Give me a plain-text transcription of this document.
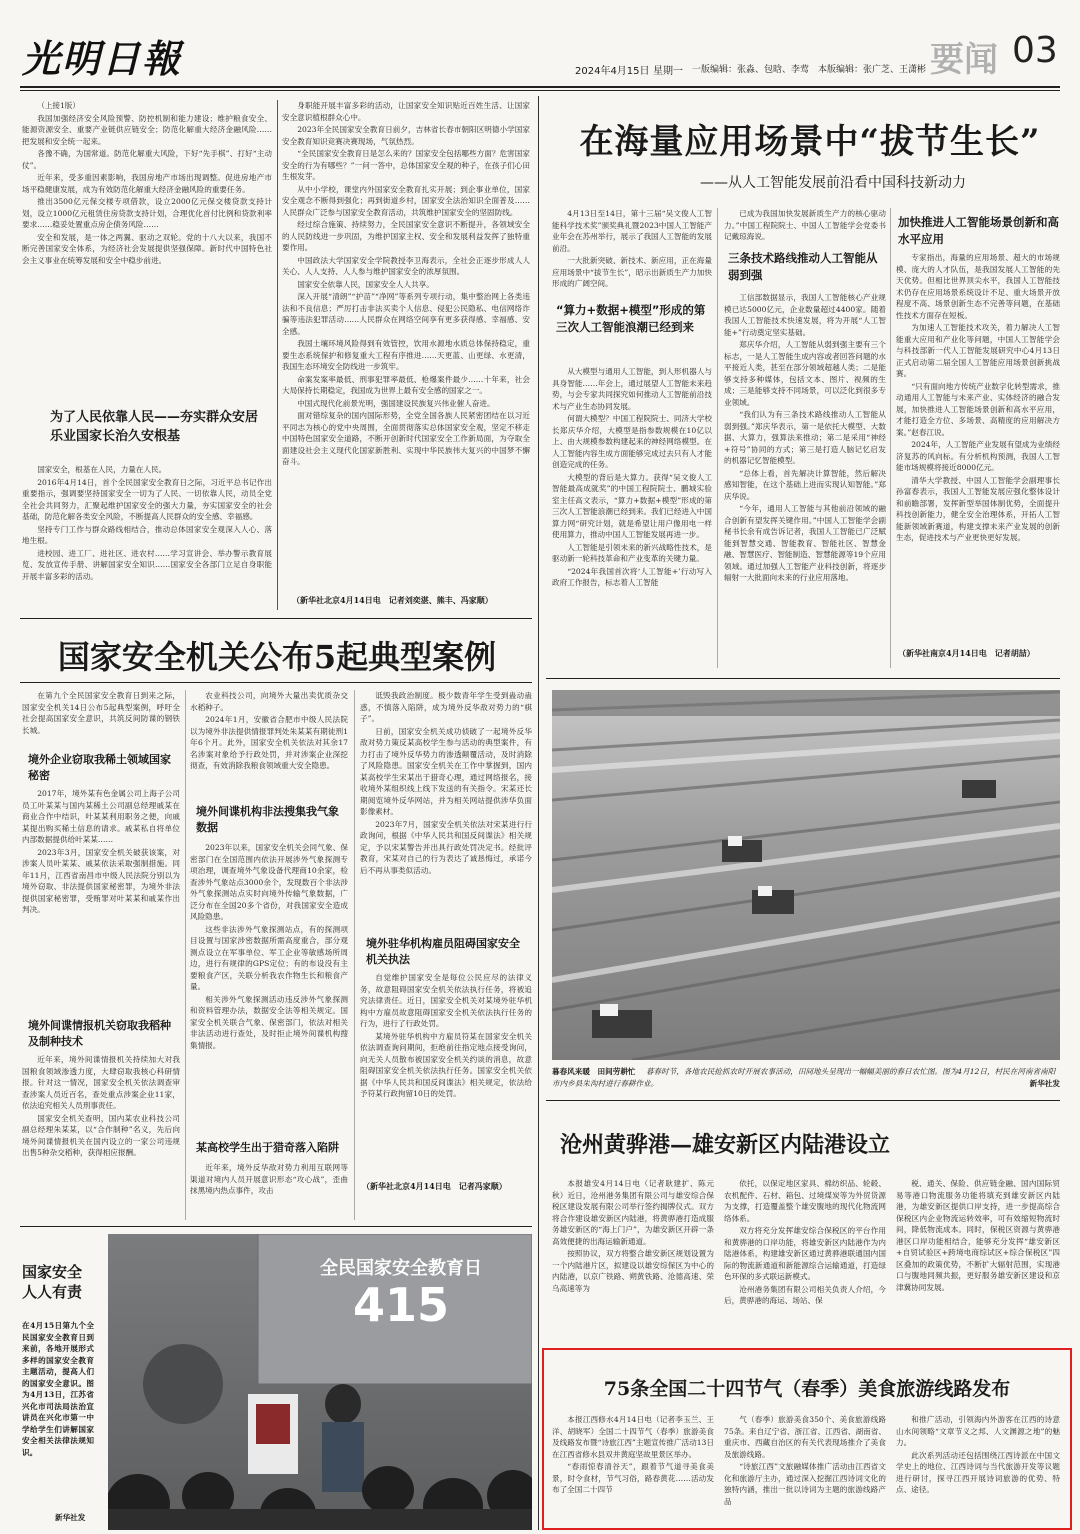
光明日報	2024年4月15日 星期一 一版编辑：张淼、包晗、李莺　本版编辑：张广芝、王潇彬 要闻 03

（上接1版）

我国加强经济安全风险预警、防控机制和能力建设；维护粮食安全、能源资源安全、重要产业链供应链安全；防范化解重大经济金融风险……把发展和安全统一起来。

各豫不确，为国常道。防范化解重大风险，下好“先手棋”、打好“主动仗”。

近年来，受多重因素影响，我国房地产市场出现调整。促进房地产市场平稳健康发展，成为有效防范化解重大经济金融风险的重要任务。

推出3500亿元保交楼专项借款，设立2000亿元保交楼贷款支持计划，设立1000亿元租赁住房贷款支持计划，合理优化首付比例和贷款利率要求……稳妥处置重点房企债务风险……

安全和发展，是一体之两翼、驱动之双轮。党的十八大以来，我国不断完善国家安全体系，为经济社会发展提供坚强保障。新时代中国特色社会主义事业在统筹发展和安全中稳步前进。

为了人民依靠人民——夯实群众安居乐业国家长治久安根基

国家安全，根基在人民，力量在人民。

2016年4月14日，首个全民国家安全教育日之际，习近平总书记作出重要指示，强调要坚持国家安全一切为了人民、一切依靠人民，动员全党全社会共同努力，汇聚起维护国家安全的强大力量，夯实国家安全的社会基础，防范化解各类安全风险，不断提高人民群众的安全感、幸福感。

坚持专门工作与群众路线相结合，推动总体国家安全观深入人心、落地生根。

进校园、进工厂、进社区、进农村……学习宣讲会、举办警示教育展览、发放宣传手册、讲解国家安全知识……国家安全各部门立足自身职能开展丰富多彩的活动。

身职能开展丰富多彩的活动，让国家安全知识贴近百姓生活、让国家安全意识植根群众心中。

2023年全民国家安全教育日前夕，吉林省长春市朝阳区明德小学国家安全教育知识竞赛决赛现场，气氛热烈。

“全民国家安全教育日是怎么来的？国家安全包括哪些方面？危害国家安全的行为有哪些？”一问一答中，总体国家安全观的种子，在孩子们心田生根发芽。

从中小学校，课堂内外国家安全教育扎实开展；到企事业单位，国家安全观念不断得到强化；再到街道乡村，国家安全法治知识全面普及……人民群众广泛参与国家安全教育活动，共筑维护国家安全的坚固防线。

经过综合施策、持续努力，全民国家安全意识不断提升，各领域安全的人民防线进一步巩固，为维护国家主权、安全和发展利益发挥了独特重要作用。

中国政法大学国家安全学院教授李卫海表示，全社会正逐步形成人人关心、人人支持、人人参与维护国家安全的浓厚氛围。

国家安全依靠人民，国家安全人人共享。

深入开展“清朗”“护苗”“净网”等系列专项行动，集中整治网上各类违法和不良信息；严厉打击非法买卖个人信息、侵犯公民隐私、电信网络诈骗等违法犯罪活动……人民群众在网络空间享有更多获得感、幸福感、安全感。

我国土壤环境风险得到有效管控，饮用水源地水质总体保持稳定，重要生态系统保护和修复重大工程有序推进……天更蓝、山更绿、水更清，我国生态环境安全防线进一步筑牢。

命案发案率最低、刑事犯罪率最低、枪爆案件最少……十年来，社会大局保持长期稳定，我国成为世界上最有安全感的国家之一。

中国式现代化前景光明，强国建设民族复兴伟业催人奋进。

面对错综复杂的国内国际形势，全党全国各族人民紧密团结在以习近平同志为核心的党中央周围，全面贯彻落实总体国家安全观，坚定不移走中国特色国家安全道路，不断开创新时代国家安全工作新局面，为夺取全面建设社会主义现代化国家新胜利、实现中华民族伟大复兴的中国梦不懈奋斗。

（新华社北京4月14日电　记者刘奕湛、熊丰、冯家顺）
在海量应用场景中“拔节生长”
——从人工智能发展前沿看中国科技新动力

4月13日至14日，第十三届“吴文俊人工智能科学技术奖”颁奖典礼暨2023中国人工智能产业年会在苏州举行，展示了我国人工智能的发展前沿。

一大批新突破、新技术、新应用，正在海量应用场景中“拔节生长”，昭示出新质生产力加快形成的广阔空间。

“算力+数据+模型”形成的第三次人工智能浪潮已经到来

从大模型与通用人工智能，到人形机器人与具身智能……年会上，通过展望人工智能未来趋势，与会专家共同探究如何推动人工智能前沿技术与产业生态协同发展。

何谓大模型？中国工程院院士、同济大学校长郑庆华介绍，大模型是指参数规模在10亿以上、由大规模参数构建起来的神经网络模型。在人工智能内容生成方面能够完成过去只有人才能创造完成的任务。

大模型的背后是大算力。获得“吴文俊人工智能最高成就奖”的中国工程院院士、鹏城实验室主任高文表示，“算力+数据+模型”形成的第三次人工智能浪潮已经到来。我们已经进入中国算力网“研究计划，就是希望让用户像用电一样使用算力，推动中国人工智能发展再进一步。

人工智能是引领未来的新兴战略性技术，是驱动新一轮科技革命和产业变革的关键力量。

“2024年我国首次将‘人工智能+’行动写入政府工作报告，标志着人工智能

已成为我国加快发展新质生产力的核心驱动力。”中国工程院院士、中国人工智能学会党委书记戴琼海说。

三条技术路线推动人工智能从弱到强

工信部数据显示，我国人工智能核心产业规模已达5000亿元，企业数量超过4400家。随着我国人工智能技术快速发展，将为开展“人工智能+”行动奠定坚实基础。

郑庆华介绍，人工智能从弱到强主要有三个标志，一是人工智能生成内容或者回答问题的水平接近人类，甚至在部分领域超越人类；二是能够支持多种媒体，包括文本、图片、视频的生成；三是能够支持不同场景，可以泛化到很多专业领域。

“我们认为有三条技术路线推动人工智能从弱到强。”郑庆华表示，第一是依托大模型、大数据、大算力，强算法来推动；第二是采用“神经+符号”协同的方式；第三是打造人脑记忆启发的机器记忆智能模型。

“总体上看，首先解决计算智能，然后解决感知智能，在这个基础上进而实现认知智能。”郑庆华说。

“今年，通用人工智能与其他前沿领域的融合创新有望发挥关键作用。”中国人工智能学会副秘书长余有成告诉记者，我国人工智能已广泛赋能到智慧交通、智能教育、智能社区、智慧金融、智慧医疗、智能制造、智慧能源等19个应用领域。通过加强人工智能产业科技创新，将逐步辐射一大批面向未来的行业应用落地。

加快推进人工智能场景创新和高水平应用

专家指出，海量的应用场景、超大的市场规模、庞大的人才队伍，是我国发展人工智能的先天优势。但相比世界顶尖水平，我国人工智能技术仍存在应用场景系统设计不足、重大场景开放程度不高、场景创新生态不完善等问题，在基础性技术方面存在短板。

为加速人工智能技术攻关，着力解决人工智能重大应用和产业化等问题，中国人工智能学会与科技部新一代人工智能发展研究中心4月13日正式启动第二届全国人工智能应用场景创新挑战赛。

“只有面向地方传统产业数字化转型需求，推动通用人工智能与未来产业、实体经济的融合发展，加快推进人工智能场景创新和高水平应用，才能打造全方位、多场景、高精度的应用解决方案。”赵春江说。

2024年，人工智能产业发展有望成为业绩经济复苏的风向标。有分析机构预测，我国人工智能市场规模将接近8000亿元。

清华大学教授、中国人工智能学会副理事长孙富春表示，我国人工智能发展应强化整体设计和前瞻部署，发挥新型举国体制优势，全面提升科技创新能力，健全安全治理体系，开拓人工智能新领域新赛道，构建支撑未来产业发展的创新生态，促进技术与产业更快更好发展。

（新华社南京4月14日电　记者胡喆）
国家安全机关公布5起典型案例

在第九个全民国家安全教育日到来之际，国家安全机关14日公布5起典型案例，呼吁全社会提高国家安全意识，共筑反间防谍的钢铁长城。

境外企业窃取我稀土领域国家秘密

2017年，境外某有色金属公司上海子公司员工叶某某与国内某稀土公司副总经理戚某在商业合作中结识，叶某某利用职务之便，向戚某提出购买稀土信息的请求。戚某私自将单位内部数据提供给叶某某……

2023年3月，国家安全机关破获该案，对涉案人员叶某某、戚某依法采取强制措施。同年11月，江西省南昌市中级人民法院分别以为境外窃取、非法提供国家秘密罪，为境外非法提供国家秘密罪，受贿罪对叶某某和戚某作出判决。

境外间谍情报机关窃取我稻种及制种技术

近年来，境外间谍情报机关持续加大对我国粮食领域渗透力度，大肆窃取我核心科研情报。针对这一情况，国家安全机关依法调查审查涉案人员近百名，查处重点涉案企业11家，依法追究相关人员刑事责任。

国家安全机关查明，国内某农业科技公司副总经理朱某某，以“合作制种”名义，先后向境外间谍情报机关在国内设立的一家公司违规出售5种杂交稻种，获得相应报酬。

农业科技公司，向境外大量出卖优质杂交水稻种子。

2024年1月，安徽省合肥市中级人民法院以为境外非法提供情报罪判处朱某某有期徒刑1年6个月。此外，国家安全机关依法对其余17名涉案对象给予行政处罚，并对涉案企业深挖彻查，有效消除我粮食领域重大安全隐患。

境外间谍机构非法搜集我气象数据

2023年以来，国家安全机关会同气象、保密部门在全国范围内依法开展涉外气象探测专项治理，调查境外气象设备代理商10余家，检查涉外气象站点3000余个，发现数百个非法涉外气象探测站点实时向境外传输气象数据，广泛分布在全国20多个省份，对我国家安全造成风险隐患。

这些非法涉外气象探测站点，有的探测项目设置与国家涉密数据所需高度重合，部分观测点设立在军事单位、军工企业等敏感场所周边，进行有规律的GPS定位；有的布设没有主要粮食产区，关联分析我农作物生长和粮食产量。

相关涉外气象探测活动违反涉外气象探测和资料管理办法，数据安全法等相关规定。国家安全机关联合气象、保密部门，依法对相关非法活动进行查处，及时拒止境外间谍机构搜集情报。

某高校学生出于猎奇落入陷阱

近年来，境外反华敌对势力利用互联网等渠道对境内人员开展意识形态“攻心战”，歪曲抹黑境内热点事件，攻击

诋毁我政治制度。极少数青年学生受到蛊动蛊惑，不慎落入陷阱，成为境外反华敌对势力的“棋子”。

日前，国家安全机关成功侦破了一起境外反华敌对势力策反某高校学生参与活动的典型案件，有力打击了境外反华势力的渗透颠覆活动，及时消除了风险隐患。国家安全机关在工作中掌握到，国内某高校学生宋某出于猎奇心理，通过网络报名，接收境外某组织线上线下发送的有关指令。宋某还长期阅览境外反华网站，并为相关网站提供涉华负面影像素材。

2023年7月，国家安全机关依法对宋某进行行政询问，根据《中华人民共和国反间谍法》相关规定，予以宋某警告并出具行政处罚决定书。经批评教育，宋某对自己的行为表达了诚恳悔过，承诺今后不再从事类似活动。

境外驻华机构雇员阻碍国家安全机关执法

自觉维护国家安全是每位公民应尽的法律义务，故意阻碍国家安全机关依法执行任务，将被追究法律责任。近日，国家安全机关对某境外驻华机构中方雇员故意阻碍国家安全机关依法执行任务的行为，进行了行政处罚。

某境外驻华机构中方雇员符某在国家安全机关依法调查询问期间，拒绝前往指定地点接受询问，向无关人员散布被国家安全机关约谈的消息，故意阻碍国家安全机关依法执行任务。国家安全机关依据《中华人民共和国反间谍法》相关规定，依法给予符某行政拘留10日的处罚。

（新华社北京4月14日电　记者冯家顺）
国家安全人人有责
在4月15日第九个全民国家安全教育日到来前，各地开展形式多样的国家安全教育主题活动，提高人们的国家安全意识。图为4月13日，江苏省兴化市司法局法治宣讲员在兴化市第一中学给学生们讲解国家安全相关法律法规知识。
新华社发
全民国家安全教育日
415
暮春风来暖　田间劳耕忙 暮春时节，各地农民抢抓农时开展农事活动，田间地头呈现出一幅幅美丽的春日农忙图。图为4月12日，村民在河南省南阳市内乡县朱沟村进行春耕作业。	新华社发
沧州黄骅港—雄安新区内陆港设立

本报雄安4月14日电（记者耿建扩、陈元秋）近日，沧州港务集团有限公司与雄安综合保税区建设发展有限公司举行签约揭牌仪式。双方将合作建设雄安新区内陆港，将黄骅港打造成服务雄安新区的“海上门户”，为雄安新区开辟一条高效便捷的出海运输新通道。

按照协议，双方将整合雄安新区规划设置为一个内陆港片区，拟建设以雄安综保区为中心的内陆港，以京广铁路、朔黄铁路、沧德高速、荣乌高速等为

依托，以保定地区家具、棉纺织品、轮毂、农机配件、石材、箱包、过境煤炭等为外贸货源为支撑，打造覆盖整个雄安腹地的现代化物流网络体系。

双方将充分发挥雄安综合保税区的平台作用和黄骅港的口岸功能，将雄安新区内陆港作为内陆港体系，构建雄安新区通过黄骅港联通国内国际的物流新通道和新能源综合运输通道，打造绿色环保的多式联运新模式。

沧州港务集团有限公司相关负责人介绍，今后，黄骅港的海运、场站、保

税、通关、保险、供应链金融、国内国际贸易等港口物流服务功能将填充到雄安新区内陆港，为雄安新区提供口岸支持，进一步提高综合保税区内企业物流运转效率，可有效缩短物流时间，降低物流成本。同时，保税区资源与黄骅港港区口岸功能相结合，能够充分发挥“雄安新区+自贸试验区+跨境电商综试区+综合保税区”四区叠加的政策优势，不断扩大辐射范围，实现港口与腹地同频共振，更好服务雄安新区建设和京津冀协同发展。

75条全国二十四节气（春季）美食旅游线路发布

本报江西修水4月14日电（记者李玉兰、王洋、胡晓军）全国二十四节气（春季）旅游美食及线路发布暨“诗旅江西”主题宣传推广活动13日在江西省修水县双井黄庭坚故里景区举办。

“春雨惊春清谷天”，跟着节气道寻美食美景，时令食材，节气习俗，路春黄花……活动发布了全国二十四节

气（春季）旅游美食350个、美食旅游线路75条。来自辽宁省、浙江省、江西省、湖南省、重庆市、西藏自治区的有关代表现场推介了美食及旅游线路。

“诗旅江西”文旅融媒体推广活动由江西省文化和旅游厅主办，通过深入挖掘江西诗词文化的独特内涵，推出一批以诗词为主题的旅游线路产品

和推广活动，引领海内外游客在江西的诗意山水间领略“文章节义之邦、人文渊源之地”的魅力。

此次系列活动还包括围绕江西诗派在中国文学史上的地位、江西诗词与当代旅游开发等议题进行研讨，探寻江西开展诗词旅游的优势、特点、途径。
